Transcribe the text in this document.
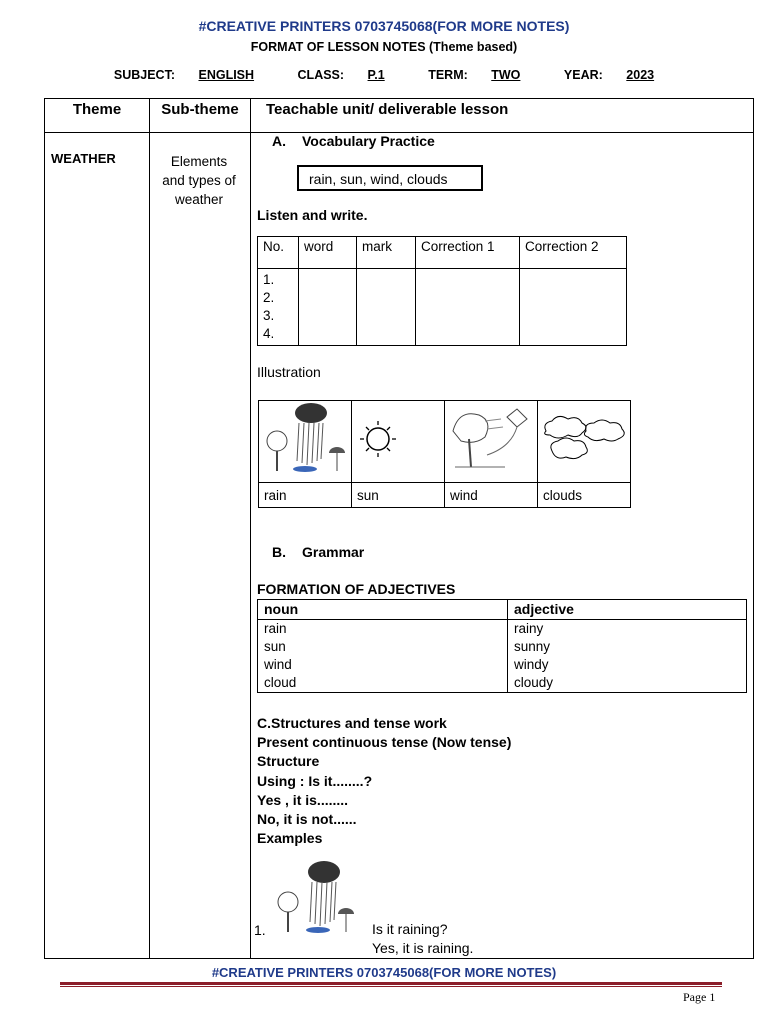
#CREATIVE PRINTERS 0703745068(FOR MORE NOTES)
FORMAT OF LESSON NOTES (Theme based)
SUBJECT: ENGLISH	CLASS: P.1	TERM: TWO	YEAR: 2023
Theme	Sub-theme	Teachable unit/ deliverable lesson
WEATHER	Elements
and types of
weather
A. Vocabulary Practice
rain, sun, wind, clouds
Listen and write.
No.	word	mark	Correction 1	Correction 2

1.
2.
3.
4.				

Illustration

rain	sun	wind	clouds
B. Grammar
FORMATION OF ADJECTIVES
noun	adjective
rain	rainy
sun	sunny
wind	windy
cloud	cloudy
C.Structures and tense work
Present continuous tense (Now tense)
Structure
Using : Is it........?
Yes , it is........
No, it is not......
Examples
1.	Is it raining?
Yes, it is raining.
#CREATIVE PRINTERS 0703745068(FOR MORE NOTES)
Page 1
